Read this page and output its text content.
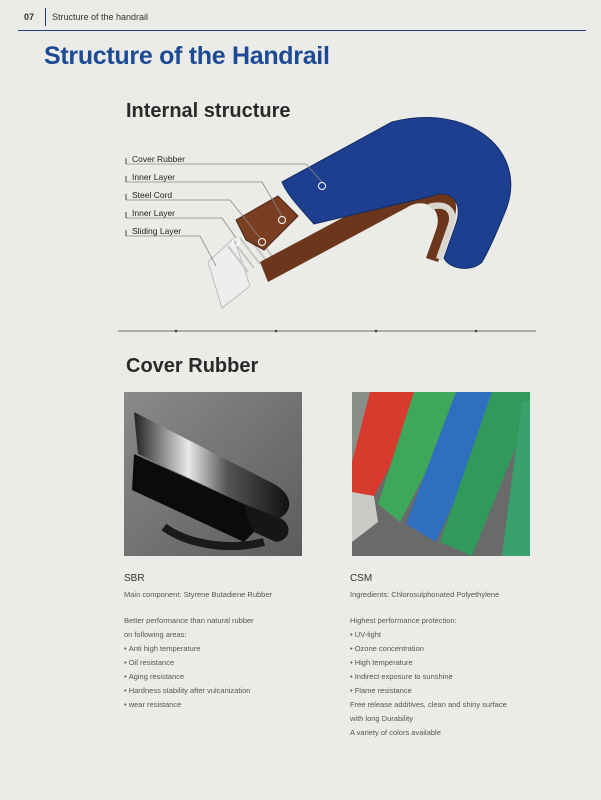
07 Structure of the handrail
Structure of the Handrail
Internal structure
Cover Rubber
Inner Layer
Steel Cord
Inner Layer
Sliding Layer
Cover Rubber
SBR
Main component: Styrene Butadiene Rubber
Better performance than natural rubber
on following areas:
• Anti high temperature
• Oil resistance
• Aging resistance
• Hardness stability after vulcanization
• wear resistance
CSM
Ingredients: Chlorosulphonated Polyethylene
Highest performance protection:
• UV-light
• Ozone concentration
• High temperature
• Indirect exposure to sunshine
• Flame resistance
Free release additives, clean and shiny surface
with long Durability
A variety of colors available
